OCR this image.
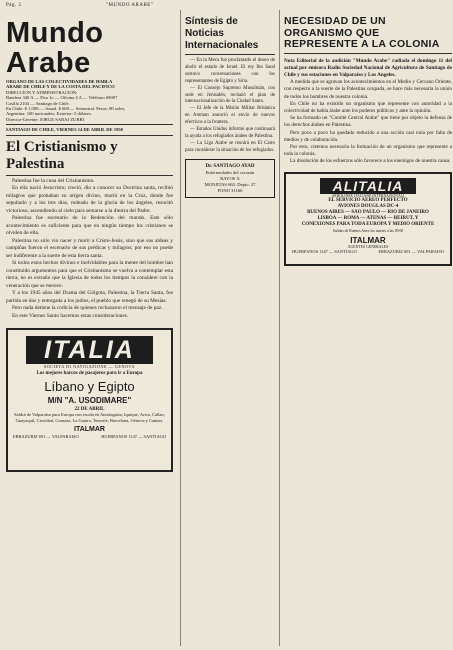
Pág. 2	"MUNDO ARABE"
Mundo Arabe
ORGANO DE LAS COLECTIVIDADES DE HABLA
ARABE DE CHILE Y DE LA COSTA DEL PACIFICO
DIRECCION Y ADMINISTRACION:
Bandera 340 A — Pisa 1o — Oficina 4 A — Teléfono 69007
Casilla 2104 — Santiago de Chile.
En Chile: $ 1.000.— Anual. $ 600.— Semestral. Pesos: 80 soles;
Argentina: 100 nacionales; Exterior: 5 dólares.
Director-Gerente: JORGE SABAJ ZURBI
SANTIAGO DE CHILE, VIERNES 14 DE ABRIL DE 1950
El Cristianismo y Palestina

Palestina fue la cuna del Cristianismo.

En ella nació Jesucristo; creció, dio a conocer su Doctrina santa, recibió milagros que probaban su origen divino, murió en la Cruz, donde fue sepultado y a los tres días, rodeado de la gloria de los ángeles, resucitó victorioso, ascendiendo al cielo para sentarse a la diestra del Padre.

Palestina fue escenario de la Redención del mundo. Este sólo acontecimiento es suficiente para que en ningún tiempo los cristianos se olviden de ella.

Palestina no sólo vio nacer y morir a Cristo-Jesús, sino que sus aldeas y campiñas fueron el escenario de sus prédicas y milagros; por eso no puede ser indiferente a la suerte de esta tierra santa.

Si todos estos hechos divinos e inolvidables para la mente del hombre han constituido argumentos para que el Cristianismo se vuelva a contemplar esta tierra, no es extraño que la Iglesia de todos los tiempos la considere con la veneración que se merece.

Y a los 1945 años del Drama del Gólgota, Palestina, la Tierra Santa, fue partida en dos y entregada a los judíos, el pueblo que renegó de su Mesías.

Pero nada detiene la codicia de quienes rechazaron el mensaje de paz.

En este Viernes Santo hacemos estas consideraciones.

ITALIA
SOCIETA DI NAVIGAZIONE — GENOVA
Los mejores barcos de pasajeros para ir a Europa
Líbano y Egipto
M/N "A. USODIMARE"
22 DE ABRIL
Saldrá de Valparaíso para Europa con escala en Antofagasta, Iquique, Arica, Callao, Guayaquil, Cristóbal, Curazao, La Guaira, Tenerife, Barcelona, Génova y Cannes.
ITALMAR
ERRAZURIZ 691 — VALPARAISO	HUERFANOS 1147 — SANTIAGO
Síntesis de Noticias Internacionales

— En la Meca fue proclamado el deseo de abolir el estado de Israel. El rey Ibn Saud sostuvo conversaciones con los representantes de Egipto y Siria.

— El Consejo Supremo Musulmán, con sede en Jerusalén, rechazó el plan de internacionalización de la Ciudad Santa.

— El Jefe de la Misión Militar Británica en Amman anunció el envío de nuevos efectivos a la frontera.

— Estados Unidos informó que continuará la ayuda a los refugiados árabes de Palestina.

— La Liga Arabe se reunirá en El Cairo para considerar la situación de los refugiados.

Dr. SANTIAGO AYAD
Enfermedades del corazón
RAYOS X
MONJITAS 665. Depto. 27
FONO 31166
NECESIDAD DE UN ORGANISMO QUE REPRESENTE A LA COLONIA

Nota Editorial de la audición "Mundo Arabe" radiada el domingo 11 del actual por emisora Radio Sociedad Nacional de Agricultura de Santiago de Chile y sus estaciones en Valparaíso y Los Angeles.

A medida que se agravan los acontecimientos en el Medio y Cercano Oriente, con respecto a la suerte de la Palestina ocupada, se hace más necesaria la unión de todos los hombres de nuestra colonia.

En Chile no ha existido un organismo que represente con autoridad a la colectividad de habla árabe ante los poderes públicos y ante la opinión.

Se ha formado un "Comité Central Arabe" que tiene por objeto la defensa de los derechos árabes en Palestina.

Pero poco a poco ha quedado reducido a una acción casi nula por falta de medios y de colaboración.

Por esto, creemos necesaria la formación de un organismo que represente a toda la colonia.

La disolución de los esfuerzos sólo favorece a los enemigos de nuestra causa.

ALITALIA
AEROLINEE ITALIANE INTERNAZIONALI
EL SERVICIO AEREO PERFECTO
AVIONES DOUGLAS DC-4
BUENOS AIRES — SAO PAULO — RIO DE JANEIRO
LISBOA — ROMA — ATENAS — BEIRUT, Y
CONEXIONES PARA TODA EUROPA Y MEDIO ORIENTE
Salidas de Buenos Aires los martes a las 09.00
ITALMAR
AGENTES GENERALES
HUERFANOS 1147 — SANTIAGO	ERRAZURIZ 691 — VALPARAISO
